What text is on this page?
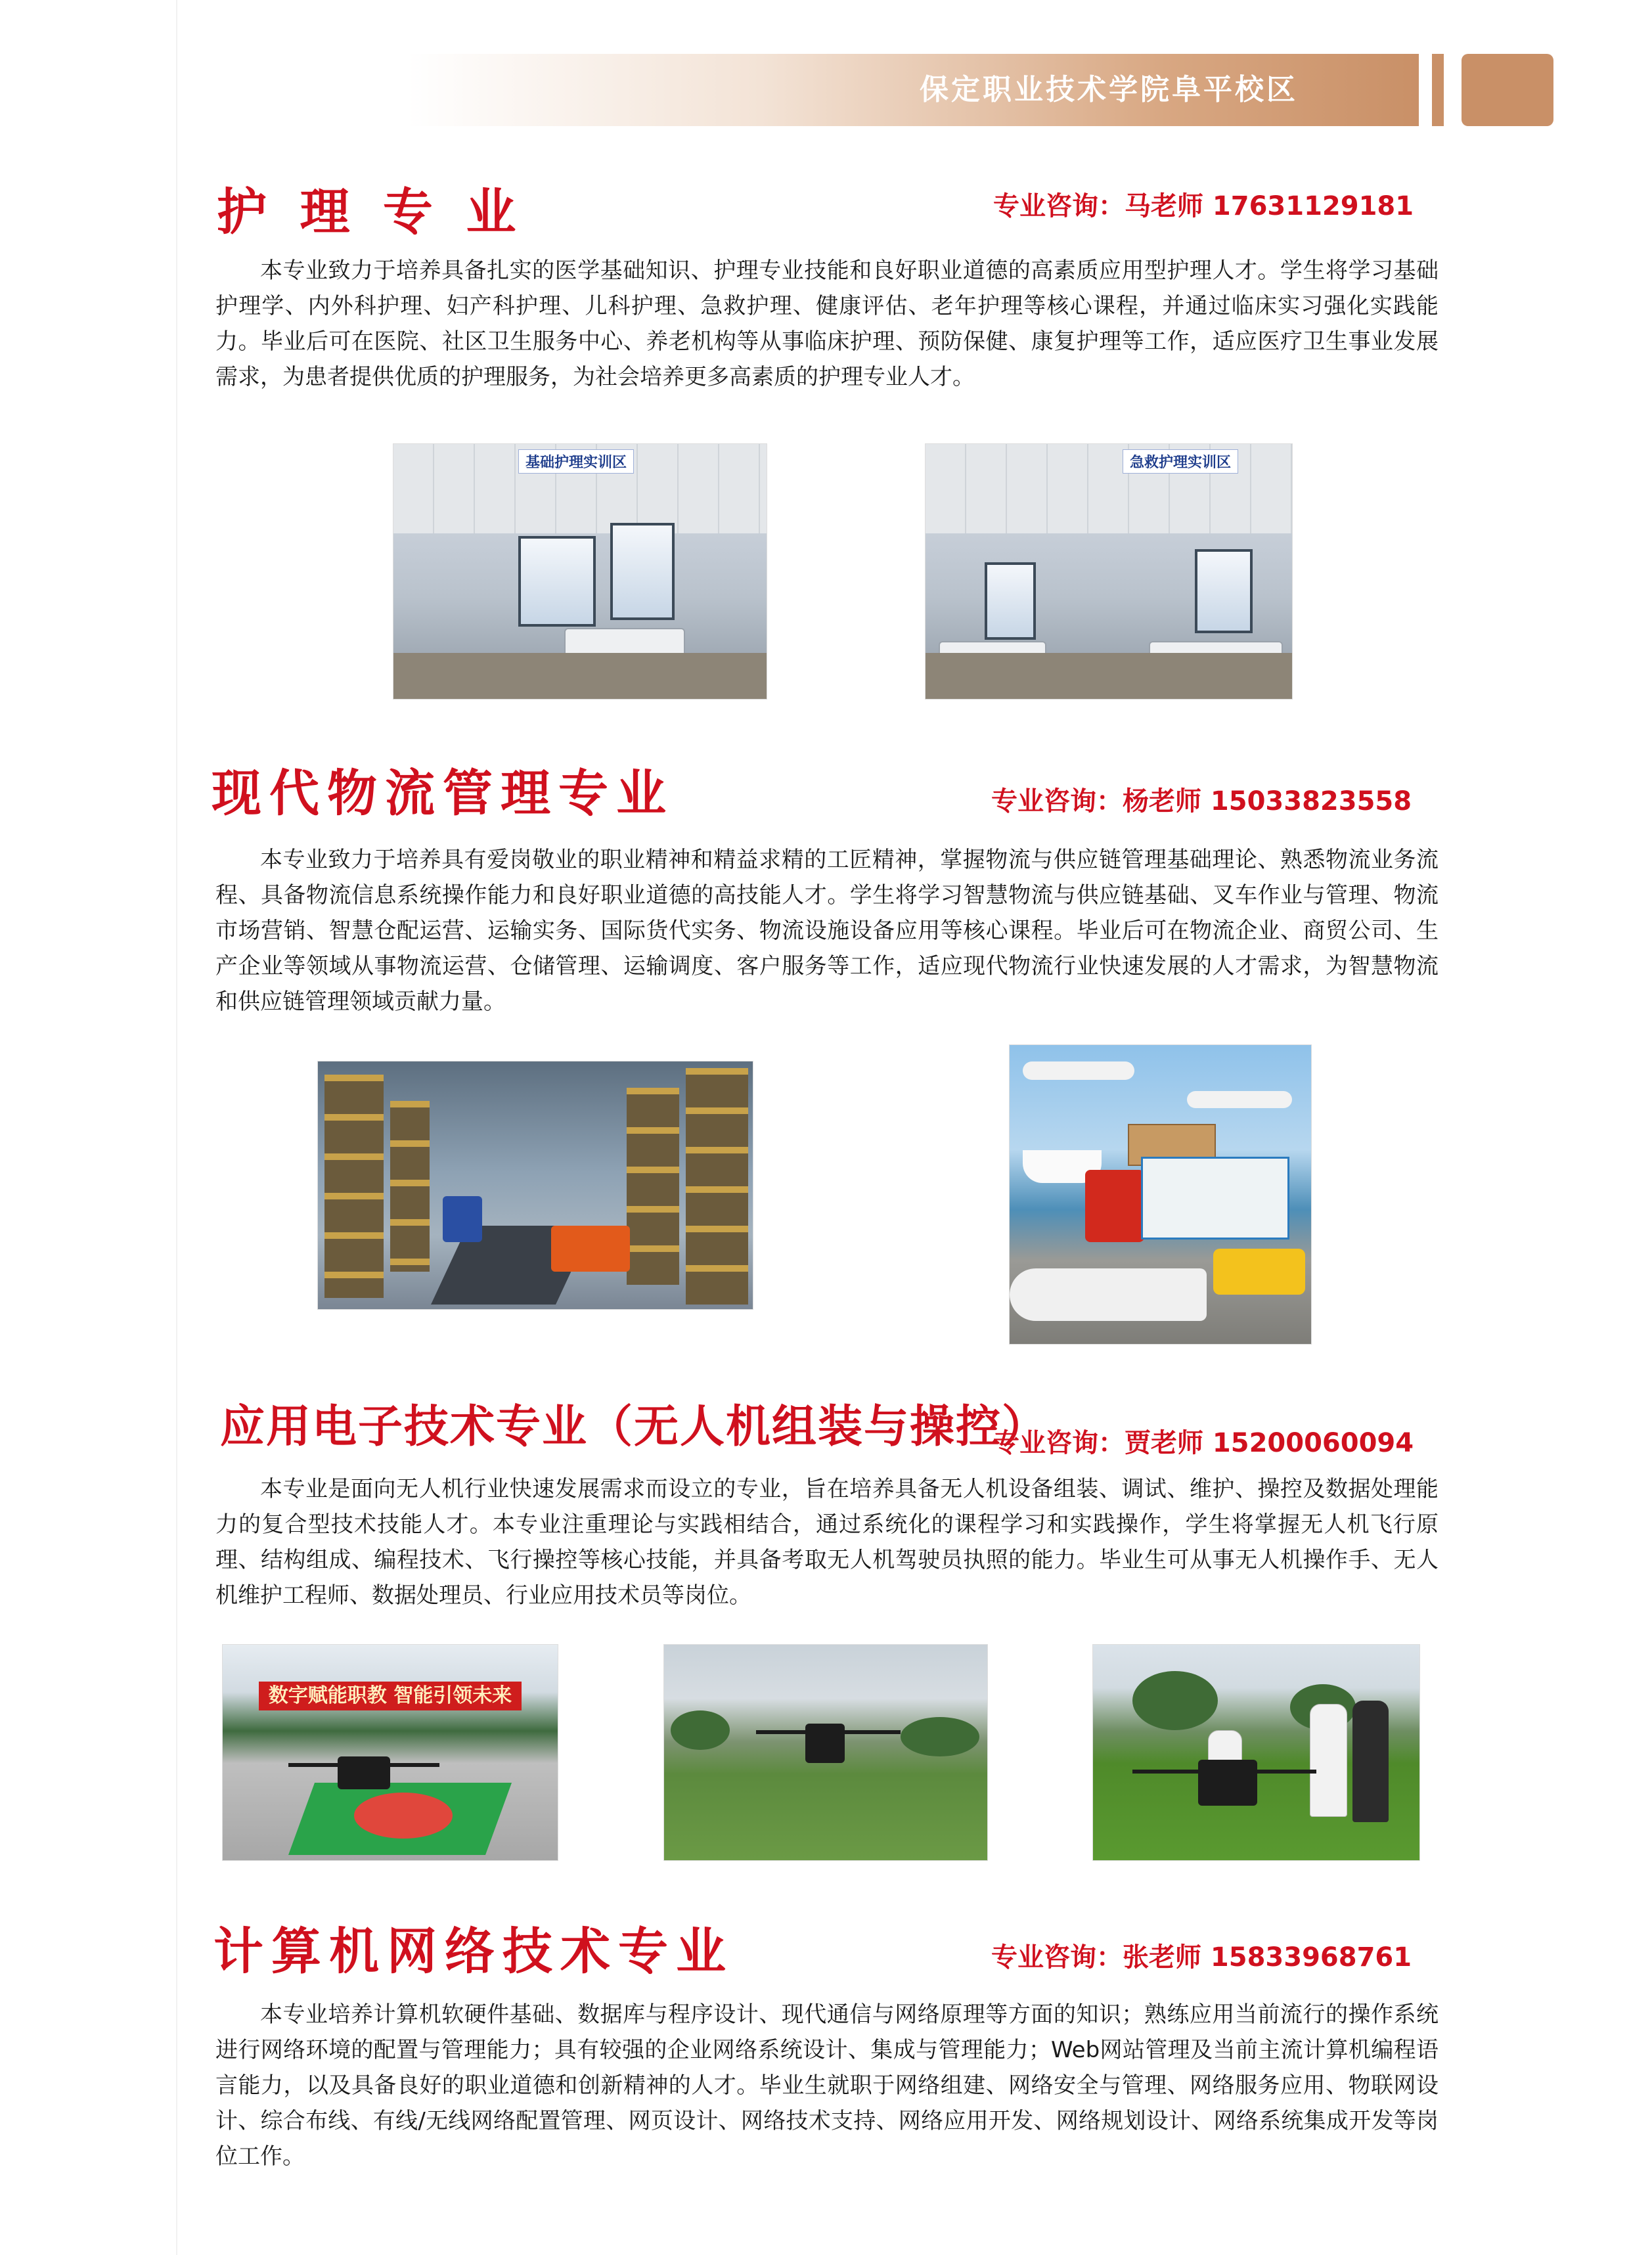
保定职业技术学院阜平校区
护 理 专 业	专业咨询：马老师 17631129181
本专业致力于培养具备扎实的医学基础知识、护理专业技能和良好职业道德的高素质应用型护理人才。学生将学习基础护理学、内外科护理、妇产科护理、儿科护理、急救护理、健康评估、老年护理等核心课程，并通过临床实习强化实践能力。毕业后可在医院、社区卫生服务中心、养老机构等从事临床护理、预防保健、康复护理等工作，适应医疗卫生事业发展需求，为患者提供优质的护理服务，为社会培养更多高素质的护理专业人才。
基础护理实训区	急救护理实训区
现代物流管理专业	专业咨询：杨老师 15033823558
本专业致力于培养具有爱岗敬业的职业精神和精益求精的工匠精神，掌握物流与供应链管理基础理论、熟悉物流业务流程、具备物流信息系统操作能力和良好职业道德的高技能人才。学生将学习智慧物流与供应链基础、叉车作业与管理、物流市场营销、智慧仓配运营、运输实务、国际货代实务、物流设施设备应用等核心课程。毕业后可在物流企业、商贸公司、生产企业等领域从事物流运营、仓储管理、运输调度、客户服务等工作，适应现代物流行业快速发展的人才需求，为智慧物流和供应链管理领域贡献力量。
应用电子技术专业（无人机组装与操控）
专业咨询：贾老师 15200060094
本专业是面向无人机行业快速发展需求而设立的专业，旨在培养具备无人机设备组装、调试、维护、操控及数据处理能力的复合型技术技能人才。本专业注重理论与实践相结合，通过系统化的课程学习和实践操作，学生将掌握无人机飞行原理、结构组成、编程技术、飞行操控等核心技能，并具备考取无人机驾驶员执照的能力。毕业生可从事无人机操作手、无人机维护工程师、数据处理员、行业应用技术员等岗位。
数字赋能职教 智能引领未来
计算机网络技术专业	专业咨询：张老师 15833968761
本专业培养计算机软硬件基础、数据库与程序设计、现代通信与网络原理等方面的知识；熟练应用当前流行的操作系统进行网络环境的配置与管理能力；具有较强的企业网络系统设计、集成与管理能力；Web网站管理及当前主流计算机编程语言能力，以及具备良好的职业道德和创新精神的人才。毕业生就职于网络组建、网络安全与管理、网络服务应用、物联网设计、综合布线、有线/无线网络配置管理、网页设计、网络技术支持、网络应用开发、网络规划设计、网络系统集成开发等岗位工作。
